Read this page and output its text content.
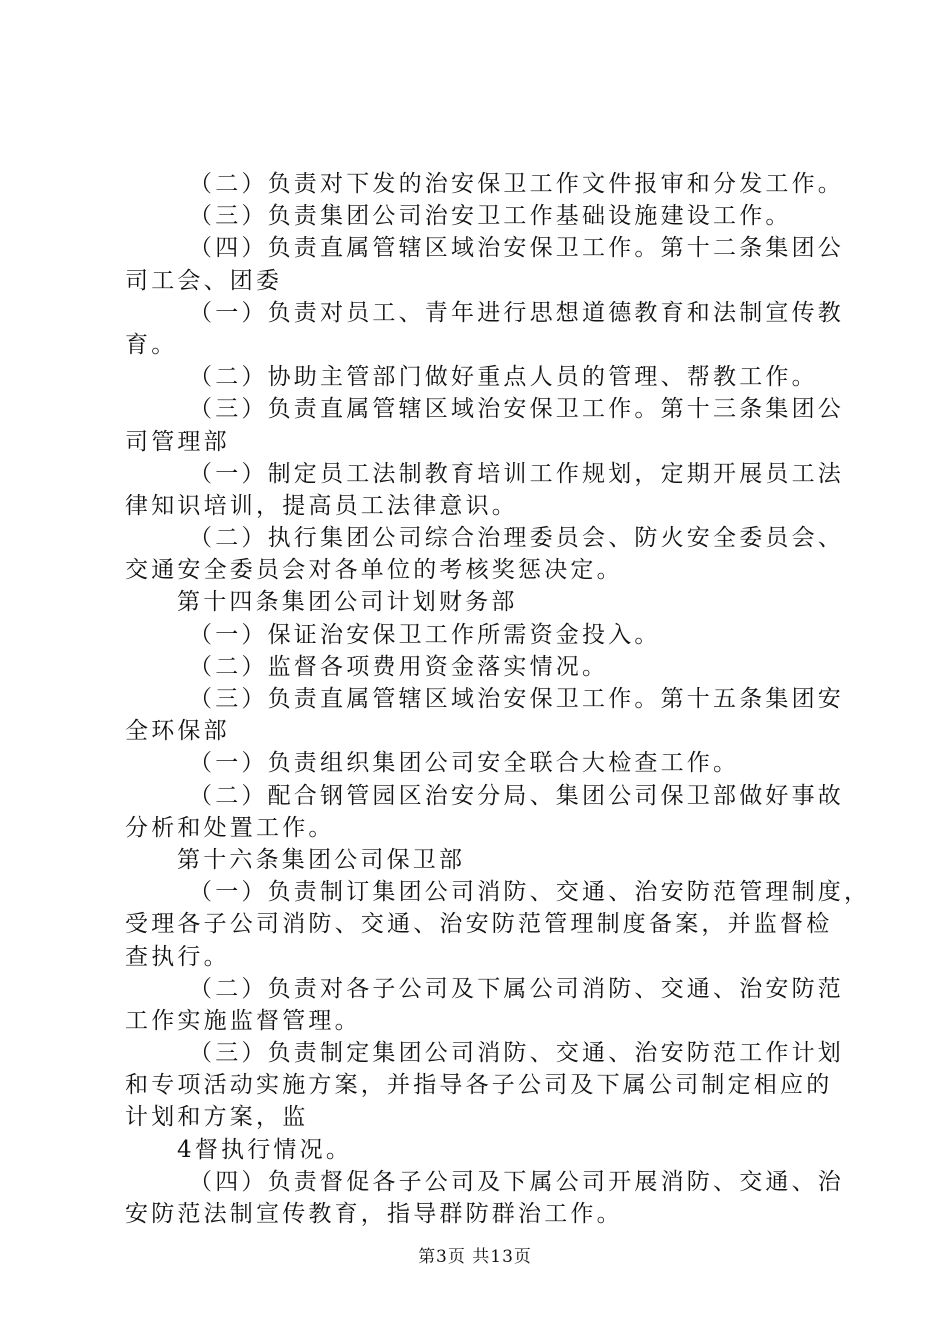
（二）负责对下发的治安保卫工作文件报审和分发工作。
（三）负责集团公司治安卫工作基础设施建设工作。
（四）负责直属管辖区域治安保卫工作。第十二条集团公
司工会、团委
（一）负责对员工、青年进行思想道德教育和法制宣传教
育。
（二）协助主管部门做好重点人员的管理、帮教工作。
（三）负责直属管辖区域治安保卫工作。第十三条集团公
司管理部
（一）制定员工法制教育培训工作规划，定期开展员工法
律知识培训，提高员工法律意识。
（二）执行集团公司综合治理委员会、防火安全委员会、
交通安全委员会对各单位的考核奖惩决定。
第十四条集团公司计划财务部
（一）保证治安保卫工作所需资金投入。
（二）监督各项费用资金落实情况。
（三）负责直属管辖区域治安保卫工作。第十五条集团安
全环保部
（一）负责组织集团公司安全联合大检查工作。
（二）配合钢管园区治安分局、集团公司保卫部做好事故
分析和处置工作。
第十六条集团公司保卫部
（一）负责制订集团公司消防、交通、治安防范管理制度，
受理各子公司消防、交通、治安防范管理制度备案，并监督检
查执行。
（二）负责对各子公司及下属公司消防、交通、治安防范
工作实施监督管理。
（三）负责制定集团公司消防、交通、治安防范工作计划
和专项活动实施方案，并指导各子公司及下属公司制定相应的
计划和方案，监
4督执行情况。
（四）负责督促各子公司及下属公司开展消防、交通、治
安防范法制宣传教育，指导群防群治工作。
第3页 共13页
